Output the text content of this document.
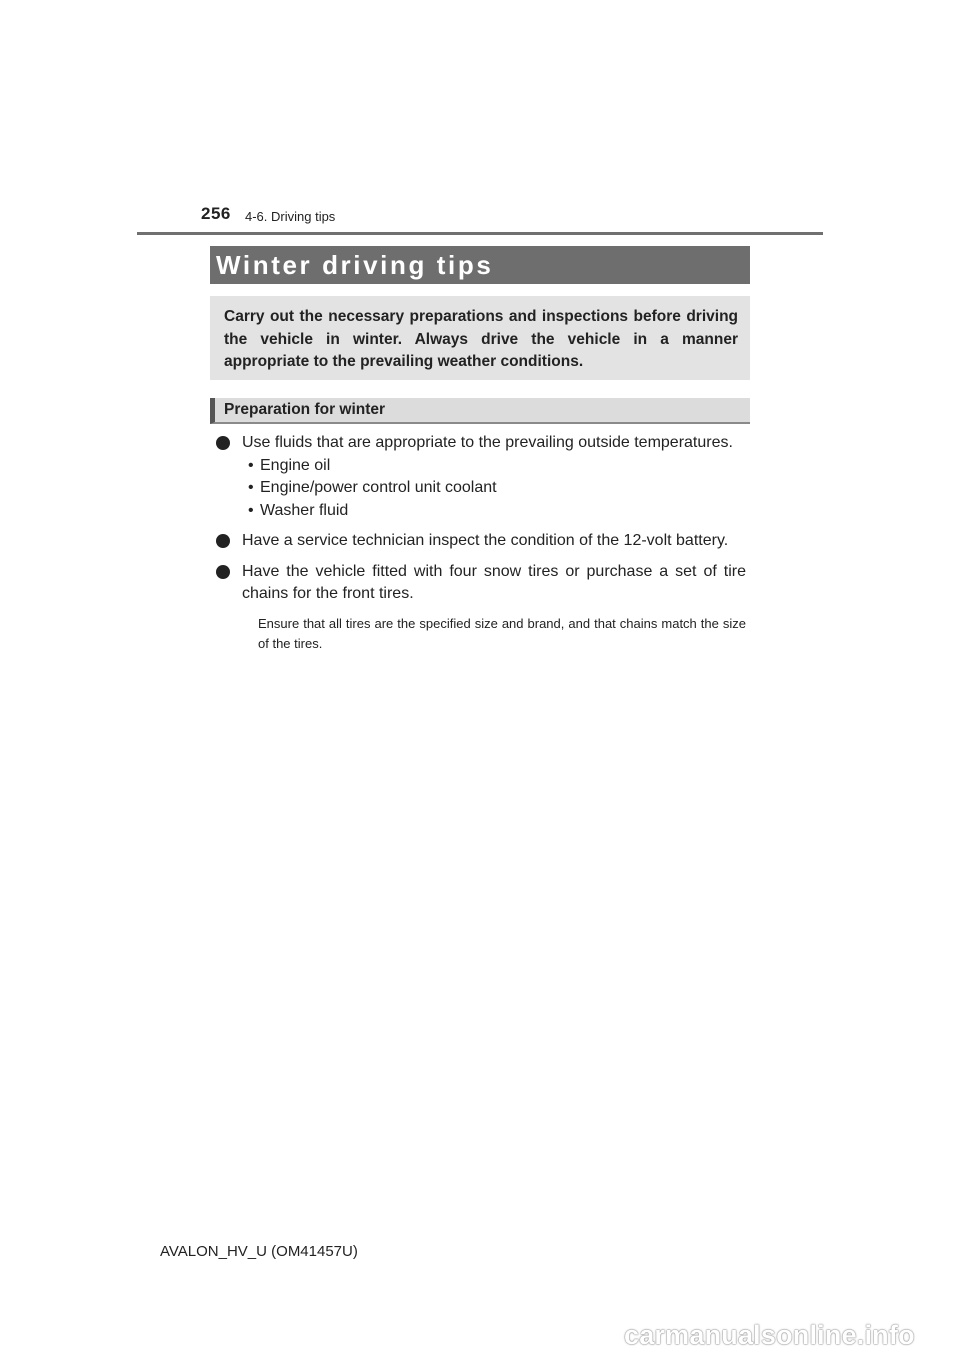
256 4-6. Driving tips
Winter driving tips
Carry out the necessary preparations and inspections before driving the vehicle in winter. Always drive the vehicle in a manner appropriate to the prevailing weather conditions.
Preparation for winter
Use fluids that are appropriate to the prevailing outside temperatures.
• Engine oil
• Engine/power control unit coolant
• Washer fluid
Have a service technician inspect the condition of the 12-volt battery.
Have the vehicle fitted with four snow tires or purchase a set of tire chains for the front tires.
Ensure that all tires are the specified size and brand, and that chains match the size of the tires.
AVALON_HV_U (OM41457U)
carmanualsonline.info
